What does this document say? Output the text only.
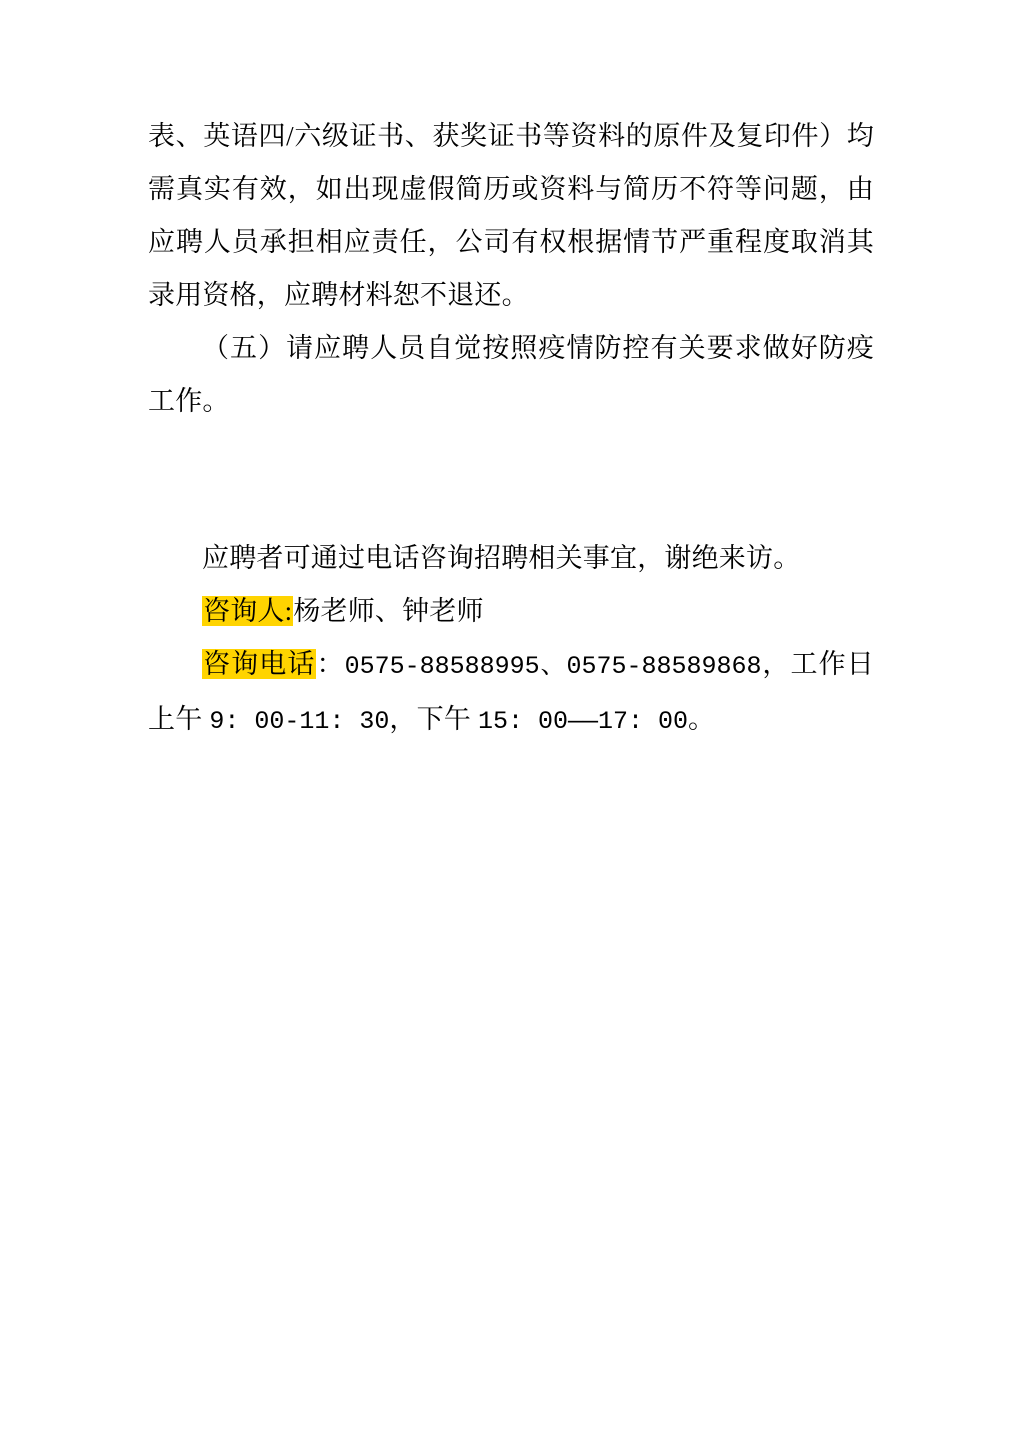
表、英语四/六级证书、获奖证书等资料的原件及复印件）均需真实有效，如出现虚假简历或资料与简历不符等问题，由应聘人员承担相应责任，公司有权根据情节严重程度取消其录用资格，应聘材料恕不退还。

（五）请应聘人员自觉按照疫情防控有关要求做好防疫工作。

应聘者可通过电话咨询招聘相关事宜，谢绝来访。

咨询人:杨老师、钟老师

咨询电话：0575-88588995、0575-88589868，工作日上午 9: 00-11: 30，下午 15: 00——17: 00。
